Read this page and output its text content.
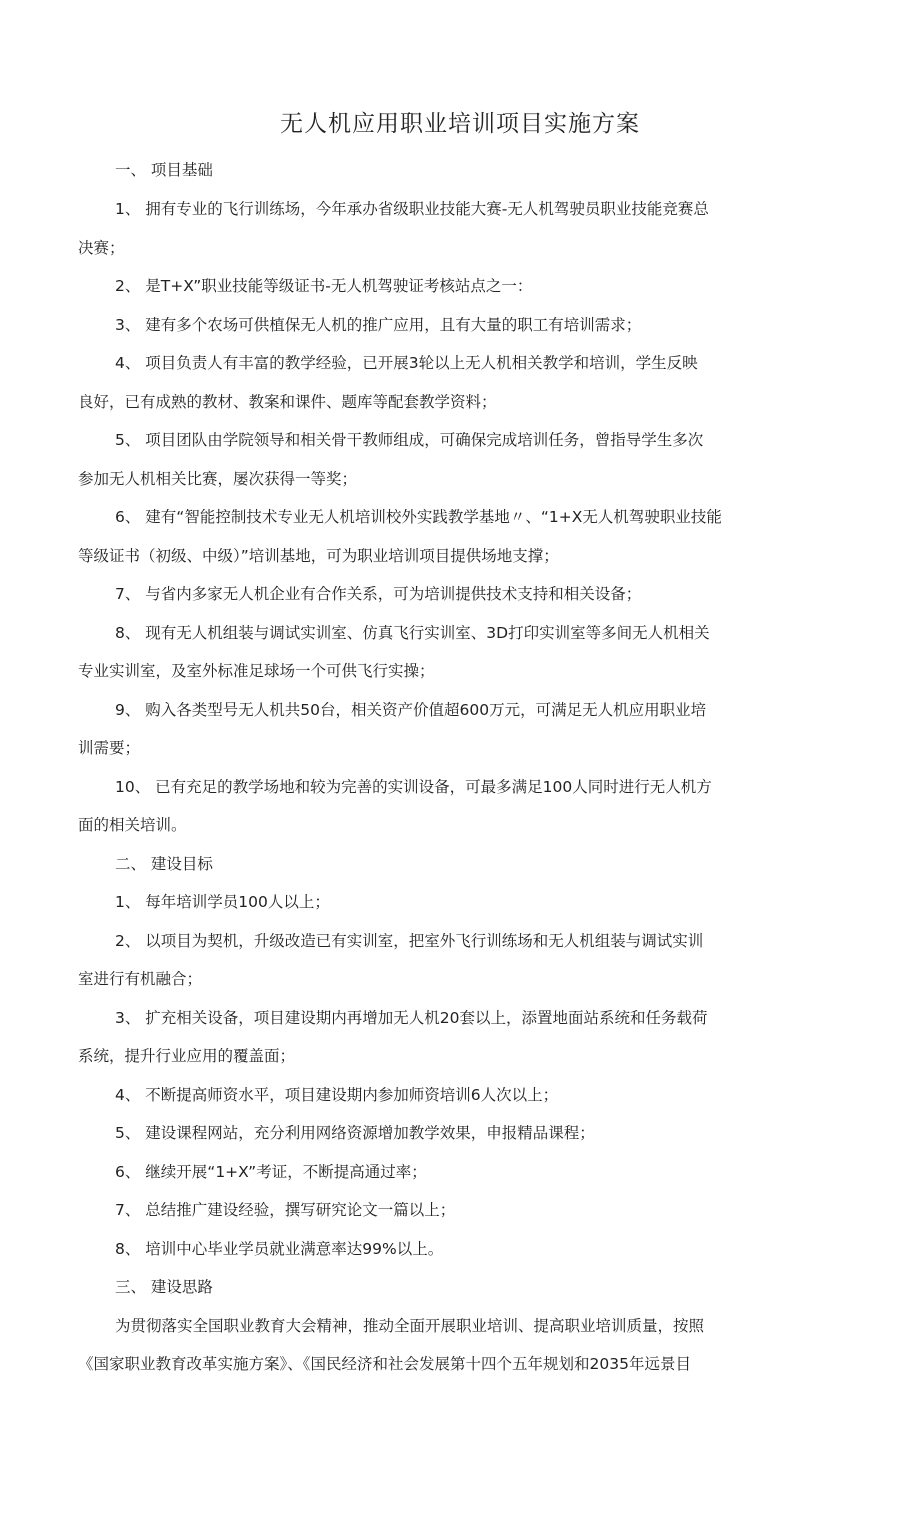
无人机应用职业培训项目实施方案
一、 项目基础
1、 拥有专业的飞行训练场，今年承办省级职业技能大赛-无人机驾驶员职业技能竞赛总
决赛；
2、 是T+X”职业技能等级证书-无人机驾驶证考核站点之一：
3、 建有多个农场可供植保无人机的推广应用，且有大量的职工有培训需求；
4、 项目负责人有丰富的教学经验，已开展3轮以上无人机相关教学和培训，学生反映
良好，已有成熟的教材、教案和课件、题库等配套教学资料；
5、 项目团队由学院领导和相关骨干教师组成，可确保完成培训任务，曾指导学生多次
参加无人机相关比赛，屡次获得一等奖；
6、 建有“智能控制技术专业无人机培训校外实践教学基地〃、“1+X无人机驾驶职业技能
等级证书（初级、中级）”培训基地，可为职业培训项目提供场地支撑；
7、 与省内多家无人机企业有合作关系，可为培训提供技术支持和相关设备；
8、 现有无人机组装与调试实训室、仿真飞行实训室、3D打印实训室等多间无人机相关
专业实训室，及室外标准足球场一个可供飞行实操；
9、 购入各类型号无人机共50台，相关资产价值超600万元，可满足无人机应用职业培
训需要；
10、 已有充足的教学场地和较为完善的实训设备，可最多满足100人同时进行无人机方
面的相关培训。
二、 建设目标
1、 每年培训学员100人以上；
2、 以项目为契机，升级改造已有实训室，把室外飞行训练场和无人机组装与调试实训
室进行有机融合；
3、 扩充相关设备，项目建设期内再增加无人机20套以上，添置地面站系统和任务载荷
系统，提升行业应用的覆盖面；
4、 不断提高师资水平，项目建设期内参加师资培训6人次以上；
5、 建设课程网站，充分利用网络资源增加教学效果，申报精品课程；
6、 继续开展“1+X”考证，不断提高通过率；
7、 总结推广建设经验，撰写研究论文一篇以上；
8、 培训中心毕业学员就业满意率达99%以上。
三、 建设思路
为贯彻落实全国职业教育大会精神，推动全面开展职业培训、提高职业培训质量，按照
《国家职业教育改革实施方案》、《国民经济和社会发展第十四个五年规划和2035年远景目
